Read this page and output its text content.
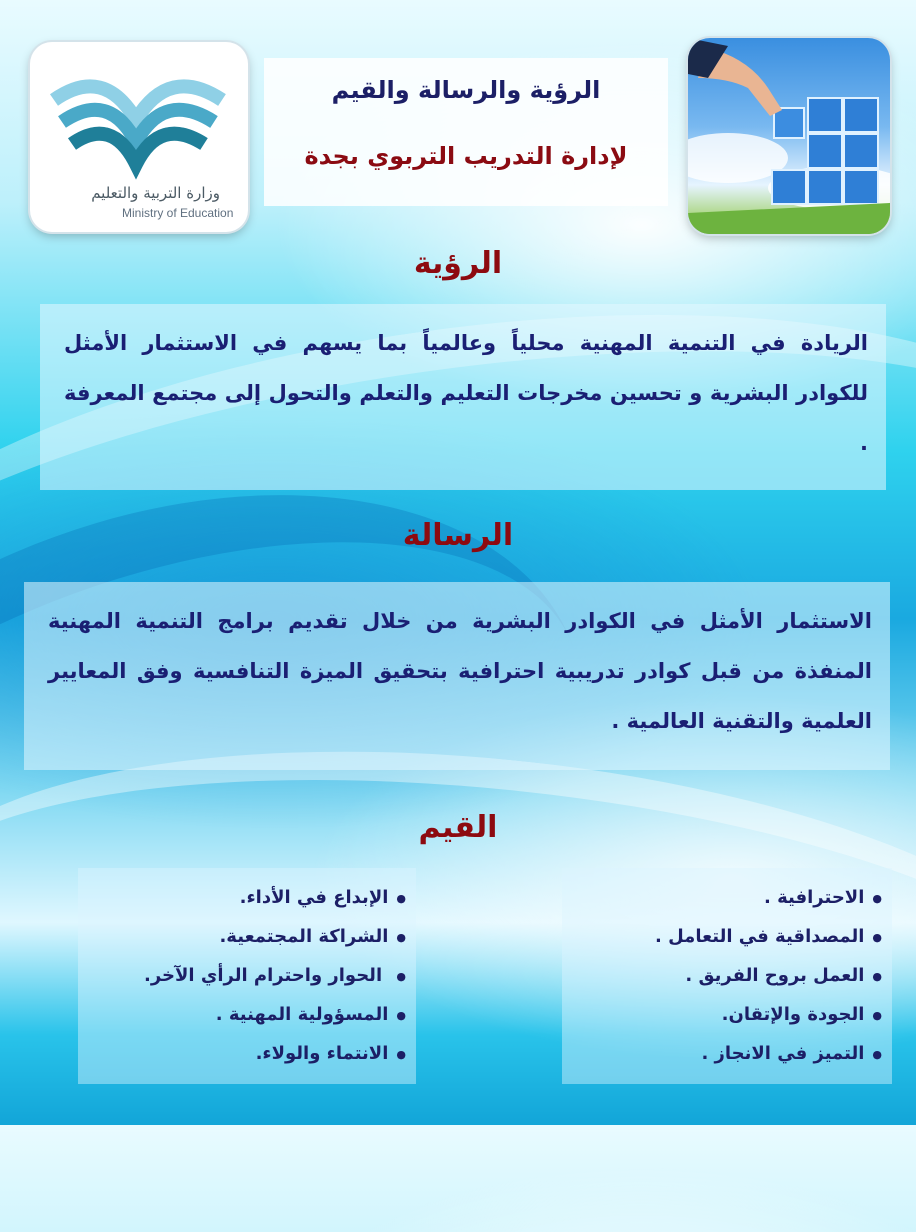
وزارة التربية والتعليم
Ministry of Education
الرؤية والرسالة والقيم
لإدارة التدريب التربوي بجدة
الرؤية

الريادة في التنمية المهنية محلياً وعالمياً بما يسهم في الاستثمار الأمثل للكوادر البشرية و تحسين مخرجات التعليم والتعلم والتحول إلى مجتمع المعرفة .

الرسالة

الاستثمار الأمثل في الكوادر البشرية من خلال تقديم برامج التنمية المهنية المنفذة من قبل كوادر تدريبية احترافية بتحقيق الميزة التنافسية وفق المعايير العلمية والتقنية العالمية .

القيم
●الاحترافية .
●المصداقية في التعامل .
●العمل بروح الفريق .
●الجودة والإتقان.
●التميز في الانجاز .
●الإبداع في الأداء.
●الشراكة المجتمعية.
● الحوار واحترام الرأي الآخر.
●المسؤولية المهنية .
●الانتماء والولاء.
